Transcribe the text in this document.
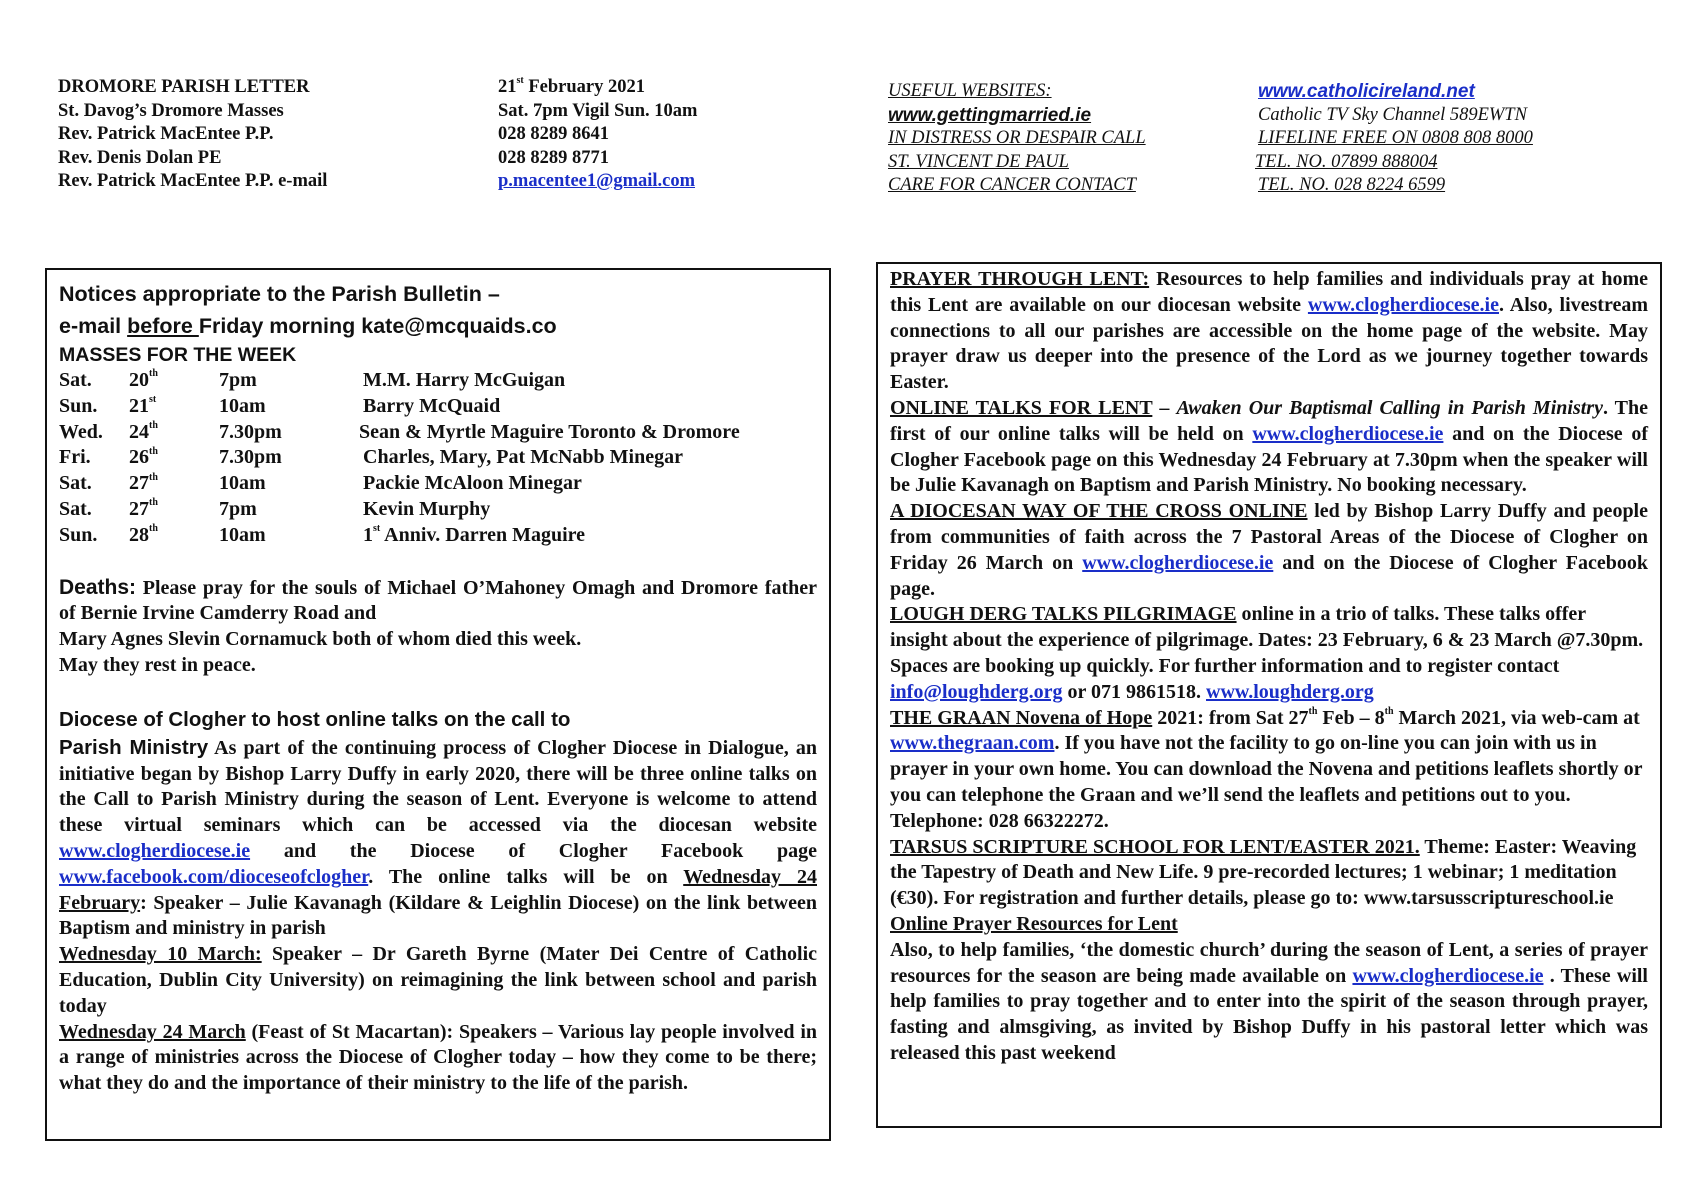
DROMORE PARISH LETTER	21st February 2021
St. Davog’s Dromore Masses	Sat. 7pm Vigil Sun. 10am
Rev. Patrick MacEntee P.P.	028 8289 8641
Rev. Denis Dolan PE	028 8289 8771
Rev. Patrick MacEntee P.P. e-mail	p.macentee1@gmail.com
USEFUL WEBSITES:	www.catholicireland.net
www.gettingmarried.ie	Catholic TV Sky Channel 589EWTN
IN DISTRESS OR DESPAIR CALL	LIFELINE FREE ON 0808 808 8000
ST. VINCENT DE PAUL	TEL. NO. 07899 888004
CARE FOR CANCER CONTACT	TEL. NO. 028 8224 6599
Notices appropriate to the Parish Bulletin –
e-mail before Friday morning kate@mcquaids.co
MASSES FOR THE WEEK
Sat.	20th	7pm	M.M. Harry McGuigan
Sun.	21st	10am	Barry McQuaid
Wed.	24th	7.30pm	Sean & Myrtle Maguire Toronto & Dromore
Fri.	26th	7.30pm	Charles, Mary, Pat McNabb Minegar
Sat.	27th	10am	Packie McAloon Minegar
Sat.	27th	7pm	Kevin Murphy
Sun.	28th	10am	1st Anniv. Darren Maguire
Deaths: Please pray for the souls of Michael O’Mahoney Omagh and Dromore father of Bernie Irvine Camderry Road and
Mary Agnes Slevin Cornamuck both of whom died this week.
May they rest in peace.
Diocese of Clogher to host online talks on the call to
Parish Ministry As part of the continuing process of Clogher Diocese in Dialogue, an initiative began by Bishop Larry Duffy in early 2020, there will be three online talks on the Call to Parish Ministry during the season of Lent. Everyone is welcome to attend these virtual seminars which can be accessed via the diocesan website www.clogherdiocese.ie and the Diocese of Clogher Facebook page www.facebook.com/dioceseofclogher. The online talks will be on Wednesday 24 February: Speaker – Julie Kavanagh (Kildare & Leighlin Diocese) on the link between Baptism and ministry in parish
Wednesday 10 March: Speaker – Dr Gareth Byrne (Mater Dei Centre of Catholic Education, Dublin City University) on reimagining the link between school and parish today
Wednesday 24 March (Feast of St Macartan): Speakers – Various lay people involved in a range of ministries across the Diocese of Clogher today – how they come to be there; what they do and the importance of their ministry to the life of the parish.
PRAYER THROUGH LENT: Resources to help families and individuals pray at home this Lent are available on our diocesan website www.clogherdiocese.ie. Also, livestream connections to all our parishes are accessible on the home page of the website. May prayer draw us deeper into the presence of the Lord as we journey together towards Easter.
ONLINE TALKS FOR LENT – Awaken Our Baptismal Calling in Parish Ministry. The first of our online talks will be held on www.clogherdiocese.ie and on the Diocese of Clogher Facebook page on this Wednesday 24 February at 7.30pm when the speaker will be Julie Kavanagh on Baptism and Parish Ministry. No booking necessary.
A DIOCESAN WAY OF THE CROSS ONLINE led by Bishop Larry Duffy and people from communities of faith across the 7 Pastoral Areas of the Diocese of Clogher on Friday 26 March on www.clogherdiocese.ie and on the Diocese of Clogher Facebook page.
LOUGH DERG TALKS PILGRIMAGE online in a trio of talks. These talks offer insight about the experience of pilgrimage. Dates: 23 February, 6 & 23 March @7.30pm. Spaces are booking up quickly. For further information and to register contact info@loughderg.org or 071 9861518. www.loughderg.org
THE GRAAN Novena of Hope 2021: from Sat 27th Feb – 8th March 2021, via web-cam at www.thegraan.com. If you have not the facility to go on-line you can join with us in prayer in your own home. You can download the Novena and petitions leaflets shortly or you can telephone the Graan and we’ll send the leaflets and petitions out to you. Telephone: 028 66322272.
TARSUS SCRIPTURE SCHOOL FOR LENT/EASTER 2021. Theme: Easter: Weaving the Tapestry of Death and New Life. 9 pre-recorded lectures; 1 webinar; 1 meditation (€30). For registration and further details, please go to: www.tarsusscriptureschool.ie
Online Prayer Resources for Lent
Also, to help families, ‘the domestic church’ during the season of Lent, a series of prayer resources for the season are being made available on www.clogherdiocese.ie . These will help families to pray together and to enter into the spirit of the season through prayer, fasting and almsgiving, as invited by Bishop Duffy in his pastoral letter which was released this past weekend
